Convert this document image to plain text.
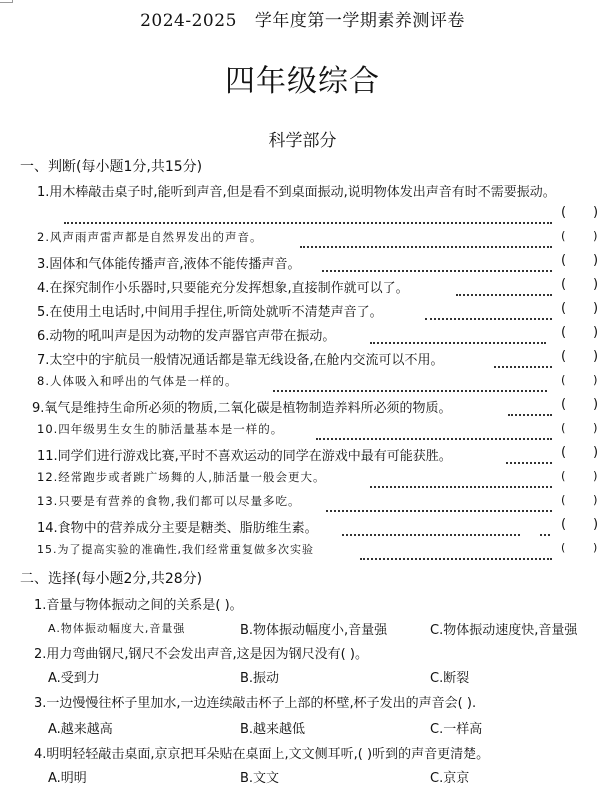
2024-2025 学年度第一学期素养测评卷
四年级综合
科学部分
一、判断(每小题1分,共15分)
1.用木棒敲击桌子时,能听到声音,但是看不到桌面振动,说明物体发出声音有时不需要振动。
( )
2.风声雨声雷声都是自然界发出的声音。	( )
3.固体和气体能传播声音,液体不能传播声音。	( )
4.在探究制作小乐器时,只要能充分发挥想象,直接制作就可以了。	( )
5.在使用土电话时,中间用手捏住,听筒处就听不清楚声音了。	( )
6.动物的吼叫声是因为动物的发声器官声带在振动。	( )
7.太空中的宇航员一般情况通话都是靠无线设备,在舱内交流可以不用。	( )
8.人体吸入和呼出的气体是一样的。	( )
9.氧气是维持生命所必须的物质,二氧化碳是植物制造养料所必须的物质。	( )
10.四年级男生女生的肺活量基本是一样的。	( )
11.同学们进行游戏比赛,平时不喜欢运动的同学在游戏中最有可能获胜。	( )
12.经常跑步或者跳广场舞的人,肺活量一般会更大。	( )
13.只要是有营养的食物,我们都可以尽量多吃。	( )
14.食物中的营养成分主要是糖类、脂肪维生素。	( )
15.为了提高实验的准确性,我们经常重复做多次实验	( )
二、选择(每小题2分,共28分)
1.音量与物体振动之间的关系是( )。
A.物体振动幅度大,音量强	B.物体振动幅度小,音量强	C.物体振动速度快,音量强
2.用力弯曲钢尺,钢尺不会发出声音,这是因为钢尺没有( )。
A.受到力	B.振动	C.断裂
3.一边慢慢往杯子里加水,一边连续敲击杯子上部的杯壁,杯子发出的声音会( ).
A.越来越高	B.越来越低	C.一样高
4.明明轻轻敲击桌面,京京把耳朵贴在桌面上,文文侧耳听,( )听到的声音更清楚。
A.明明	B.文文	C.京京
